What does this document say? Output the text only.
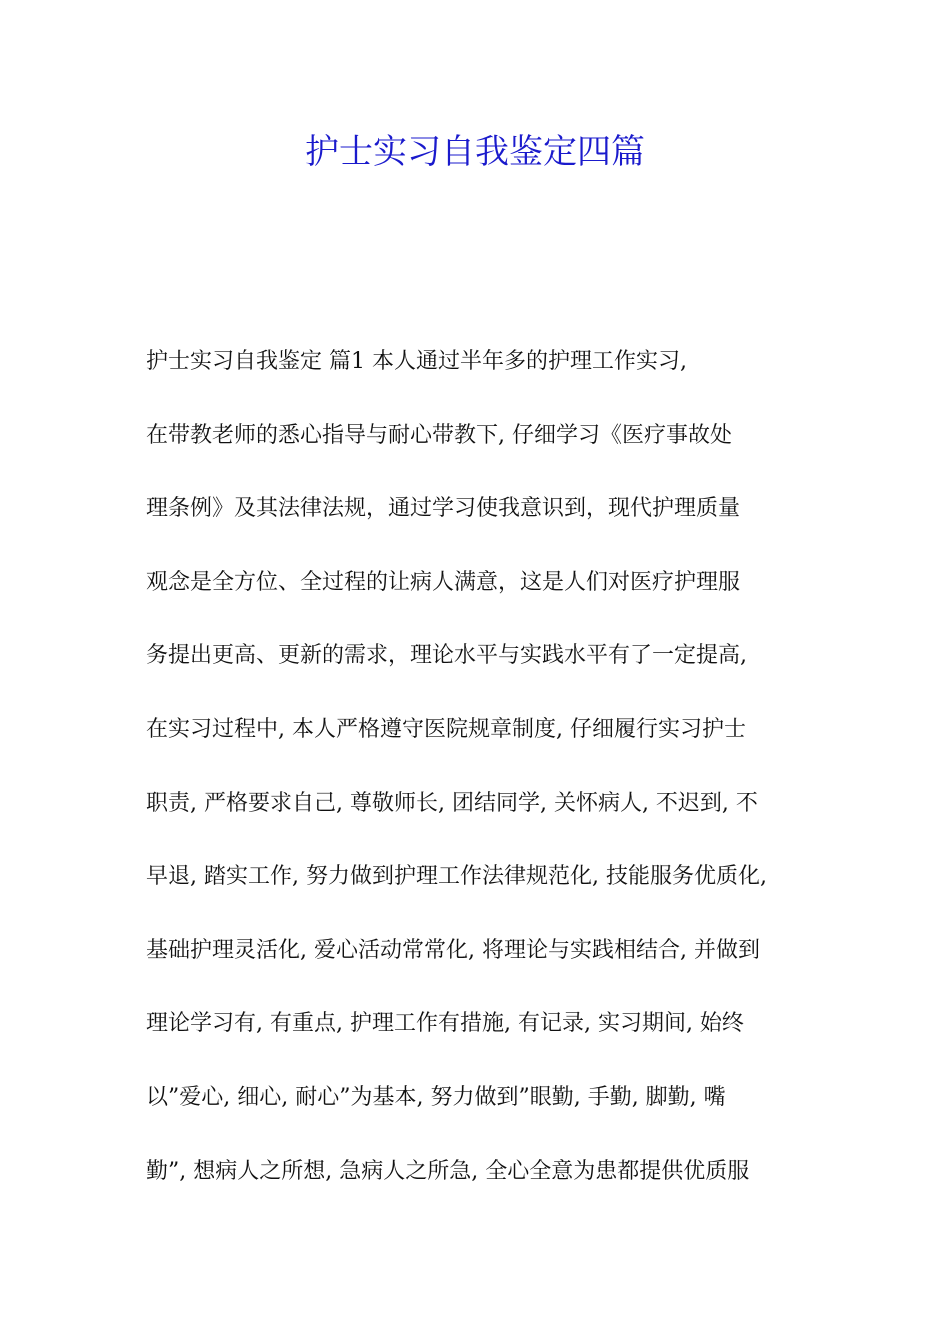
护士实习自我鉴定四篇
护士实习自我鉴定 篇1 本人通过半年多的护理工作实习,
在带教老师的悉心指导与耐心带教下, 仔细学习《医疗事故处
理条例》及其法律法规，通过学习使我意识到，现代护理质量
观念是全方位、全过程的让病人满意，这是人们对医疗护理服
务提出更高、更新的需求，理论水平与实践水平有了一定提高,
在实习过程中, 本人严格遵守医院规章制度, 仔细履行实习护士
职责, 严格要求自己, 尊敬师长, 团结同学, 关怀病人, 不迟到, 不
早退, 踏实工作, 努力做到护理工作法律规范化, 技能服务优质化,
基础护理灵活化, 爱心活动常常化, 将理论与实践相结合, 并做到
理论学习有, 有重点, 护理工作有措施, 有记录, 实习期间, 始终
以”爱心, 细心, 耐心”为基本, 努力做到”眼勤, 手勤, 脚勤, 嘴
勤”, 想病人之所想, 急病人之所急, 全心全意为患都提供优质服
